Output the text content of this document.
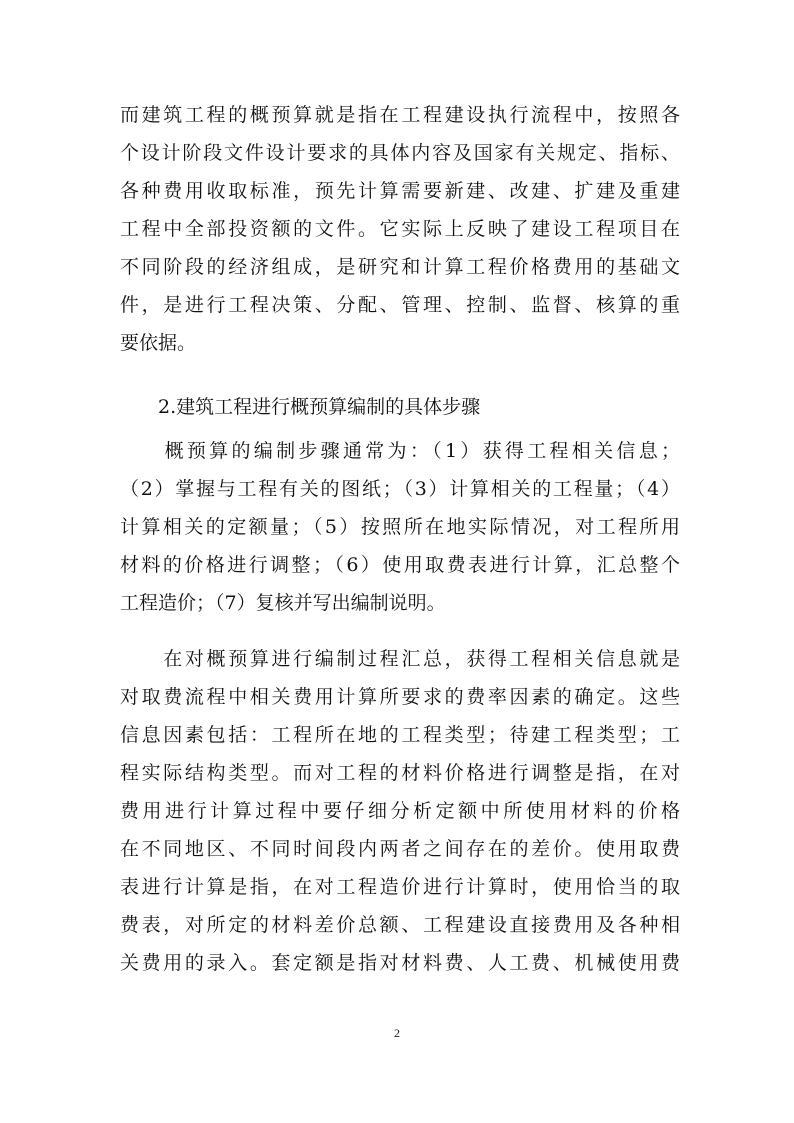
而建筑工程的概预算就是指在工程建设执行流程中，按照各
个设计阶段文件设计要求的具体内容及国家有关规定、指标、
各种费用收取标准，预先计算需要新建、改建、扩建及重建
工程中全部投资额的文件。它实际上反映了建设工程项目在
不同阶段的经济组成，是研究和计算工程价格费用的基础文
件，是进行工程决策、分配、管理、控制、监督、核算的重
要依据。
　　2.建筑工程进行概预算编制的具体步骤
　　概预算的编制步骤通常为：（1）获得工程相关信息；
（2）掌握与工程有关的图纸；（3）计算相关的工程量；（4）
计算相关的定额量；（5）按照所在地实际情况，对工程所用
材料的价格进行调整；（6）使用取费表进行计算，汇总整个
工程造价；（7）复核并写出编制说明。
　　在对概预算进行编制过程汇总，获得工程相关信息就是
对取费流程中相关费用计算所要求的费率因素的确定。这些
信息因素包括：工程所在地的工程类型；待建工程类型；工
程实际结构类型。而对工程的材料价格进行调整是指，在对
费用进行计算过程中要仔细分析定额中所使用材料的价格
在不同地区、不同时间段内两者之间存在的差价。使用取费
表进行计算是指，在对工程造价进行计算时，使用恰当的取
费表，对所定的材料差价总额、工程建设直接费用及各种相
关费用的录入。套定额是指对材料费、人工费、机械使用费
2
